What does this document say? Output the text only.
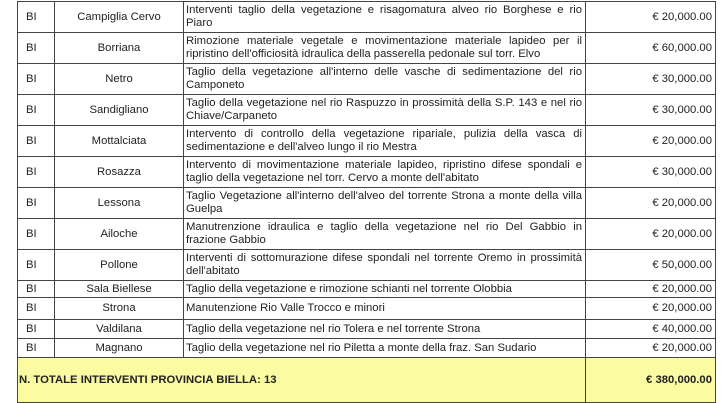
BI	Campiglia Cervo	Interventi taglio della vegetazione e risagomatura alveo rio Borghese e rio Piaro	€ 20,000.00
BI	Borriana	Rimozione materiale vegetale e movimentazione materiale lapideo per il ripristino dell'officiosità idraulica della passerella pedonale sul torr. Elvo	€ 60,000.00
BI	Netro	Taglio della vegetazione all'interno delle vasche di sedimentazione del rio Camponeto	€ 30,000.00
BI	Sandigliano	Taglio della vegetazione nel rio Raspuzzo in prossimità della S.P. 143 e nel rio Chiave/Carpaneto	€ 30,000.00
BI	Mottalciata	Intervento di controllo della vegetazione ripariale, pulizia della vasca di sedimentazione e dell'alveo lungo il rio Mestra	€ 20,000.00
BI	Rosazza	Intervento di movimentazione materiale lapideo, ripristino difese spondali e taglio della vegetazione nel torr. Cervo a monte dell'abitato	€ 30,000.00
BI	Lessona	Taglio Vegetazione all'interno dell'alveo del torrente Strona a monte della villa Guelpa	€ 20,000.00
BI	Ailoche	Manutrenzione idraulica e taglio della vegetazione nel rio Del Gabbio in frazione Gabbio	€ 20,000.00
BI	Pollone	Interventi di sottomurazione difese spondali nel torrente Oremo in prossimità dell'abitato	€ 50,000.00
BI	Sala Biellese	Taglio della vegetazione e rimozione schianti nel torrente Olobbia	€ 20,000.00
BI	Strona	Manutenzione Rio Valle Trocco e minori	€ 20,000.00
BI	Valdilana	Taglio della vegetazione nel rio Tolera e nel torrente Strona	€ 40,000.00
BI	Magnano	Taglio della vegetazione nel rio Piletta a monte della fraz. San Sudario	€ 20,000.00
N. TOTALE INTERVENTI PROVINCIA BIELLA: 13			€ 380,000.00
